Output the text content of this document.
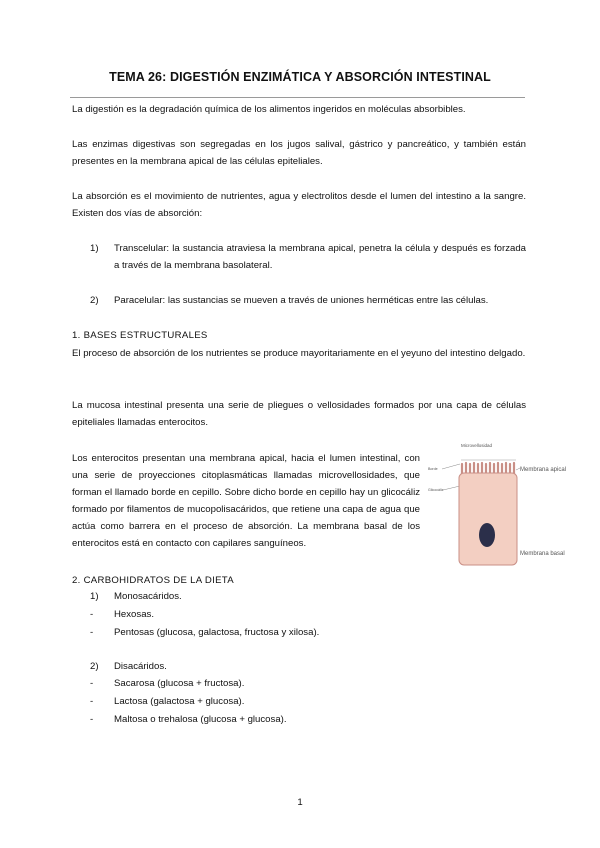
TEMA 26: DIGESTIÓN ENZIMÁTICA Y ABSORCIÓN INTESTINAL

La digestión es la degradación química de los alimentos ingeridos en moléculas absorbibles.

Las enzimas digestivas son segregadas en los jugos salival, gástrico y pancreático, y también están presentes en la membrana apical de las células epiteliales.

La absorción es el movimiento de nutrientes, agua y electrolitos desde el lumen del intestino a la sangre. Existen dos vías de absorción:

1) Transcelular: la sustancia atraviesa la membrana apical, penetra la célula y después es forzada a través de la membrana basolateral.
2) Paracelular: las sustancias se mueven a través de uniones herméticas entre las células.

1. BASES ESTRUCTURALES

El proceso de absorción de los nutrientes se produce mayoritariamente en el yeyuno del intestino delgado.

La mucosa intestinal presenta una serie de pliegues o vellosidades formados por una capa de células epiteliales llamadas enterocitos.

Los enterocitos presentan una membrana apical, hacia el lumen intestinal, con una serie de proyecciones citoplasmáticas llamadas microvellosidades, que forman el llamado borde en cepillo. Sobre dicho borde en cepillo hay un glicocáliz formado por filamentos de mucopolisacáridos, que retiene una capa de agua que actúa como barrera en el proceso de absorción. La membrana basal de los enterocitos está en contacto con capilares sanguíneos.

Microvellosidad
Borde
Glicocáliz
Membrana apical
Membrana basal

2. CARBOHIDRATOS DE LA DIETA

1) Monosacáridos.
- Hexosas.
- Pentosas (glucosa, galactosa, fructosa y xilosa).
2) Disacáridos.
- Sacarosa (glucosa + fructosa).
- Lactosa (galactosa + glucosa).
- Maltosa o trehalosa (glucosa + glucosa).
1
